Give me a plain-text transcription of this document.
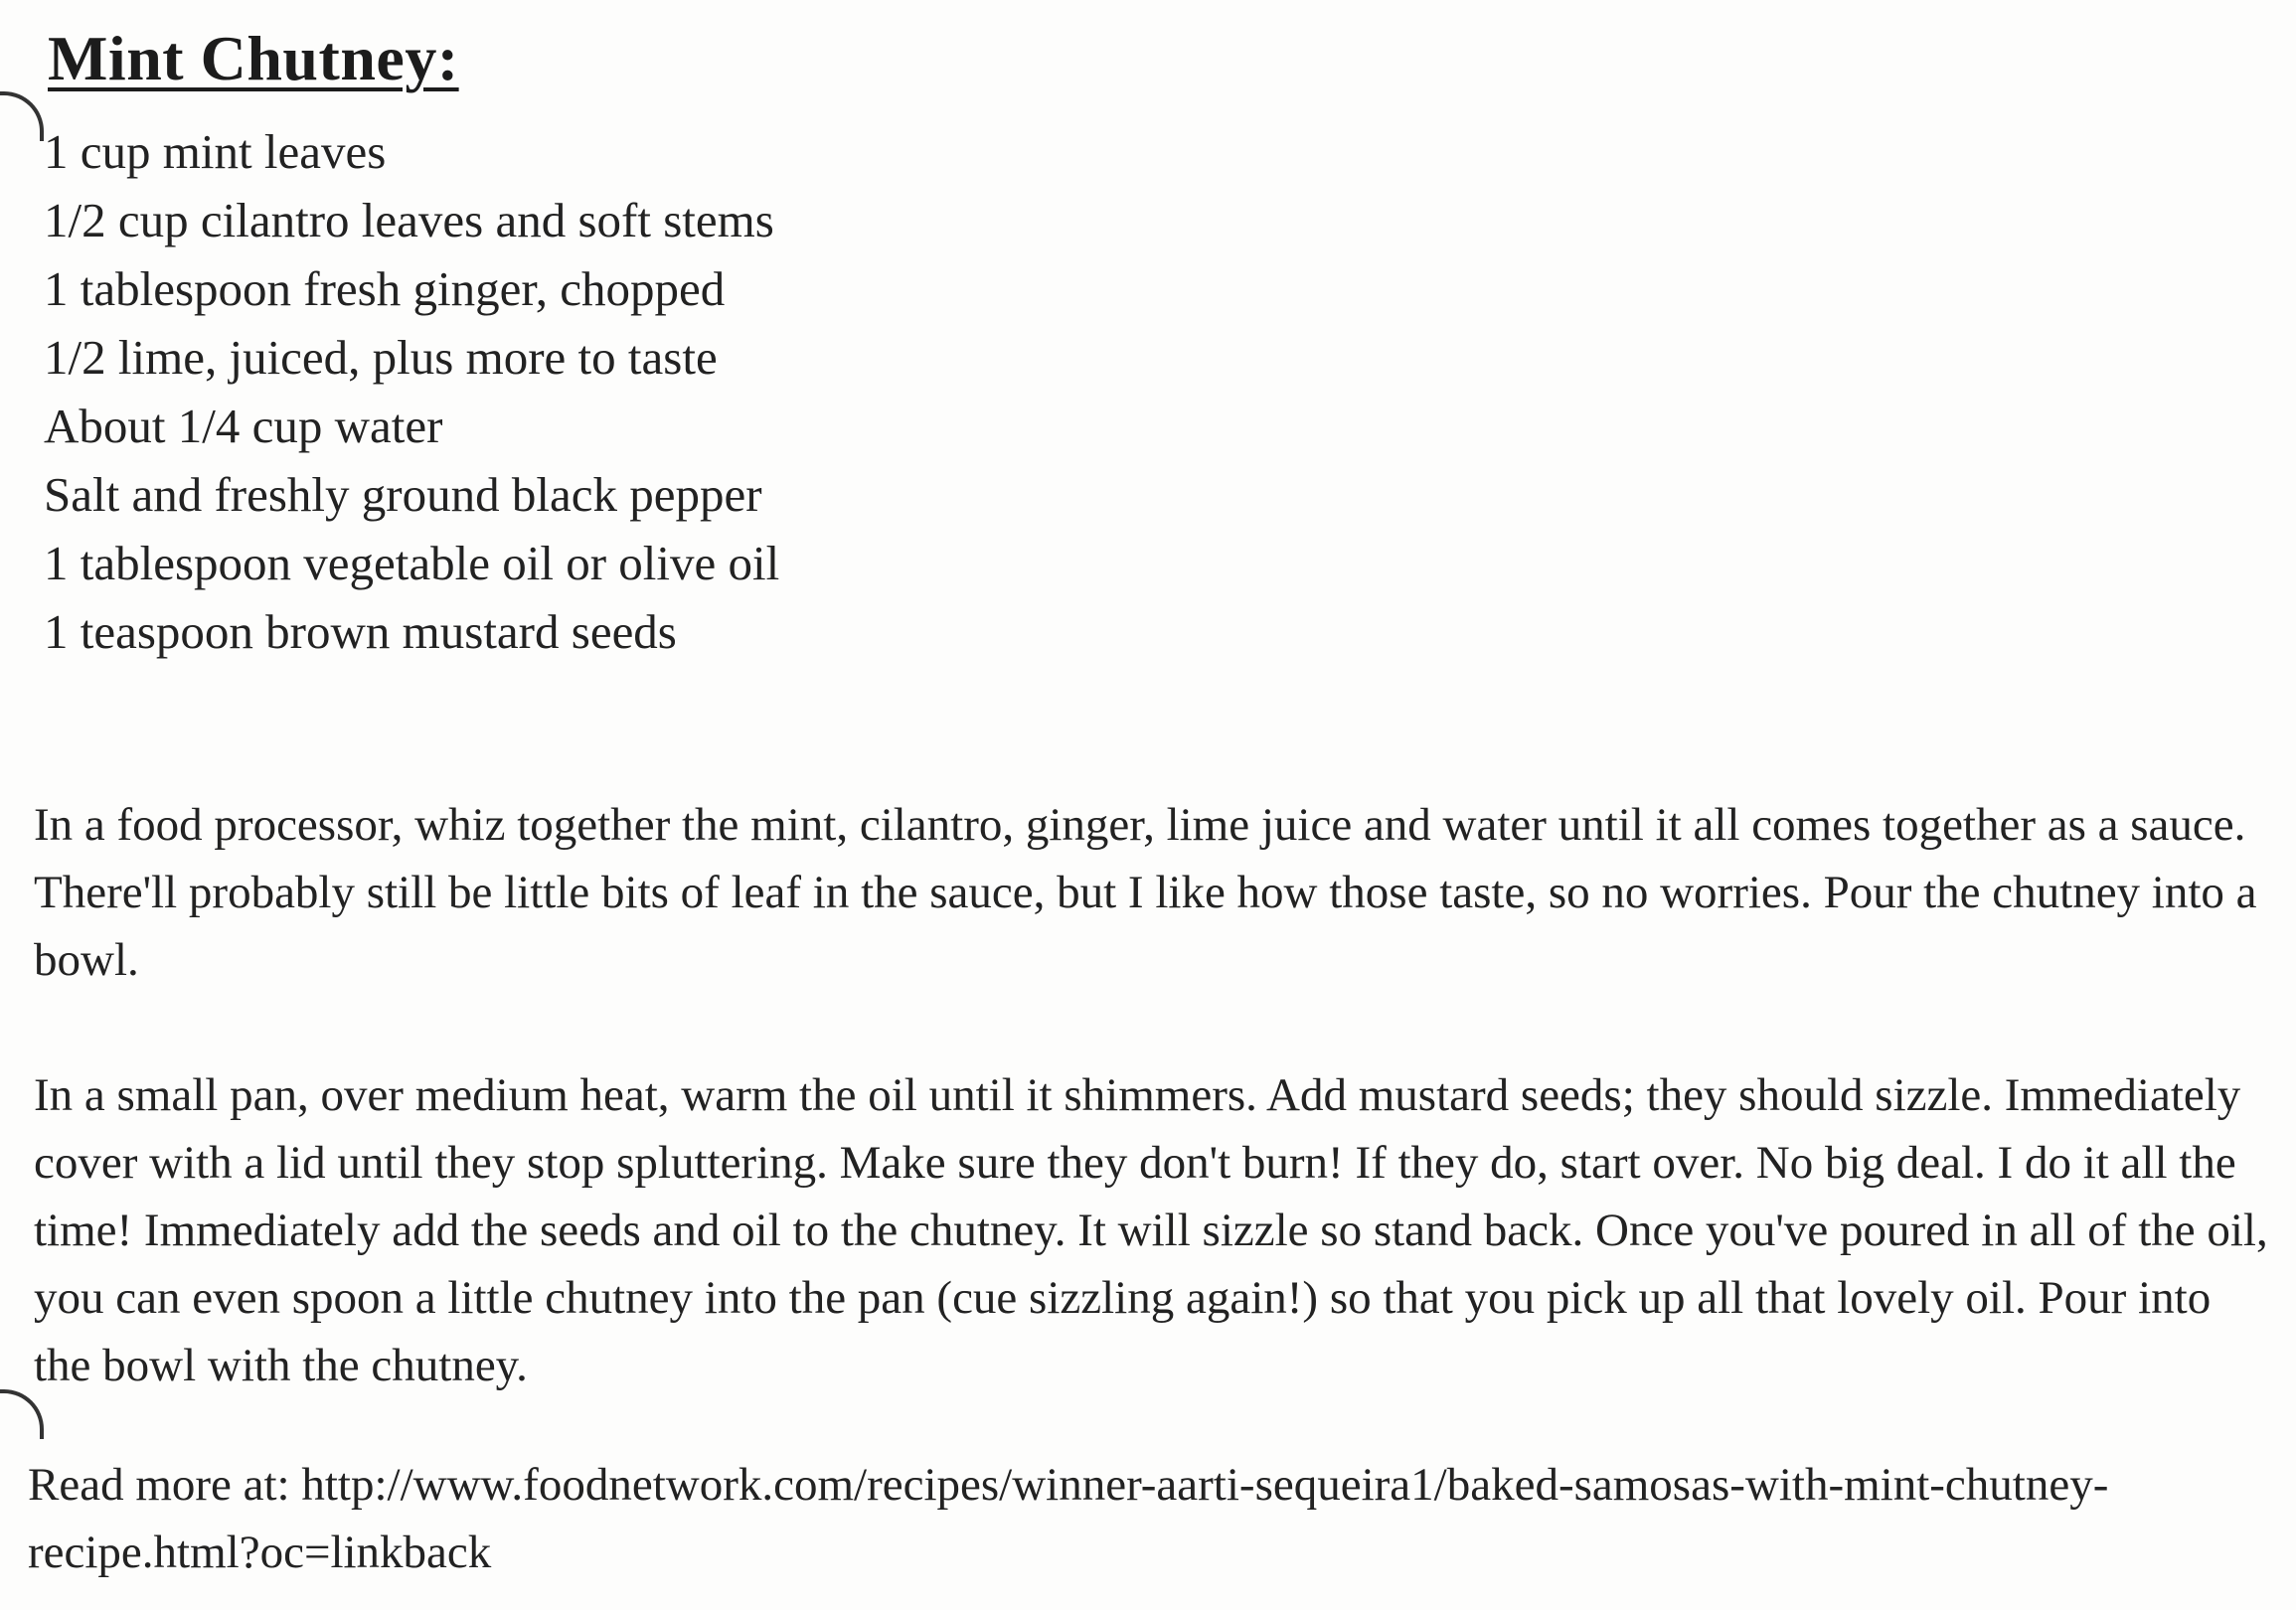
Mint Chutney:
1 cup mint leaves
1/2 cup cilantro leaves and soft stems
1 tablespoon fresh ginger, chopped
1/2 lime, juiced, plus more to taste
About 1/4 cup water
Salt and freshly ground black pepper
1 tablespoon vegetable oil or olive oil
1 teaspoon brown mustard seeds

In a food processor, whiz together the mint, cilantro, ginger, lime juice and water until it all comes together as a sauce. There'll probably still be little bits of leaf in the sauce, but I like how those taste, so no worries. Pour the chutney into a bowl.

In a small pan, over medium heat, warm the oil until it shimmers. Add mustard seeds; they should sizzle. Immediately cover with a lid until they stop spluttering. Make sure they don't burn! If they do, start over. No big deal. I do it all the time! Immediately add the seeds and oil to the chutney. It will sizzle so stand back. Once you've poured in all of the oil, you can even spoon a little chutney into the pan (cue sizzling again!) so that you pick up all that lovely oil. Pour into the bowl with the chutney.

Read more at: http://www.foodnetwork.com/recipes/winner-aarti-sequeira1/baked-samosas-with-mint-chutney-recipe.html?oc=linkback
